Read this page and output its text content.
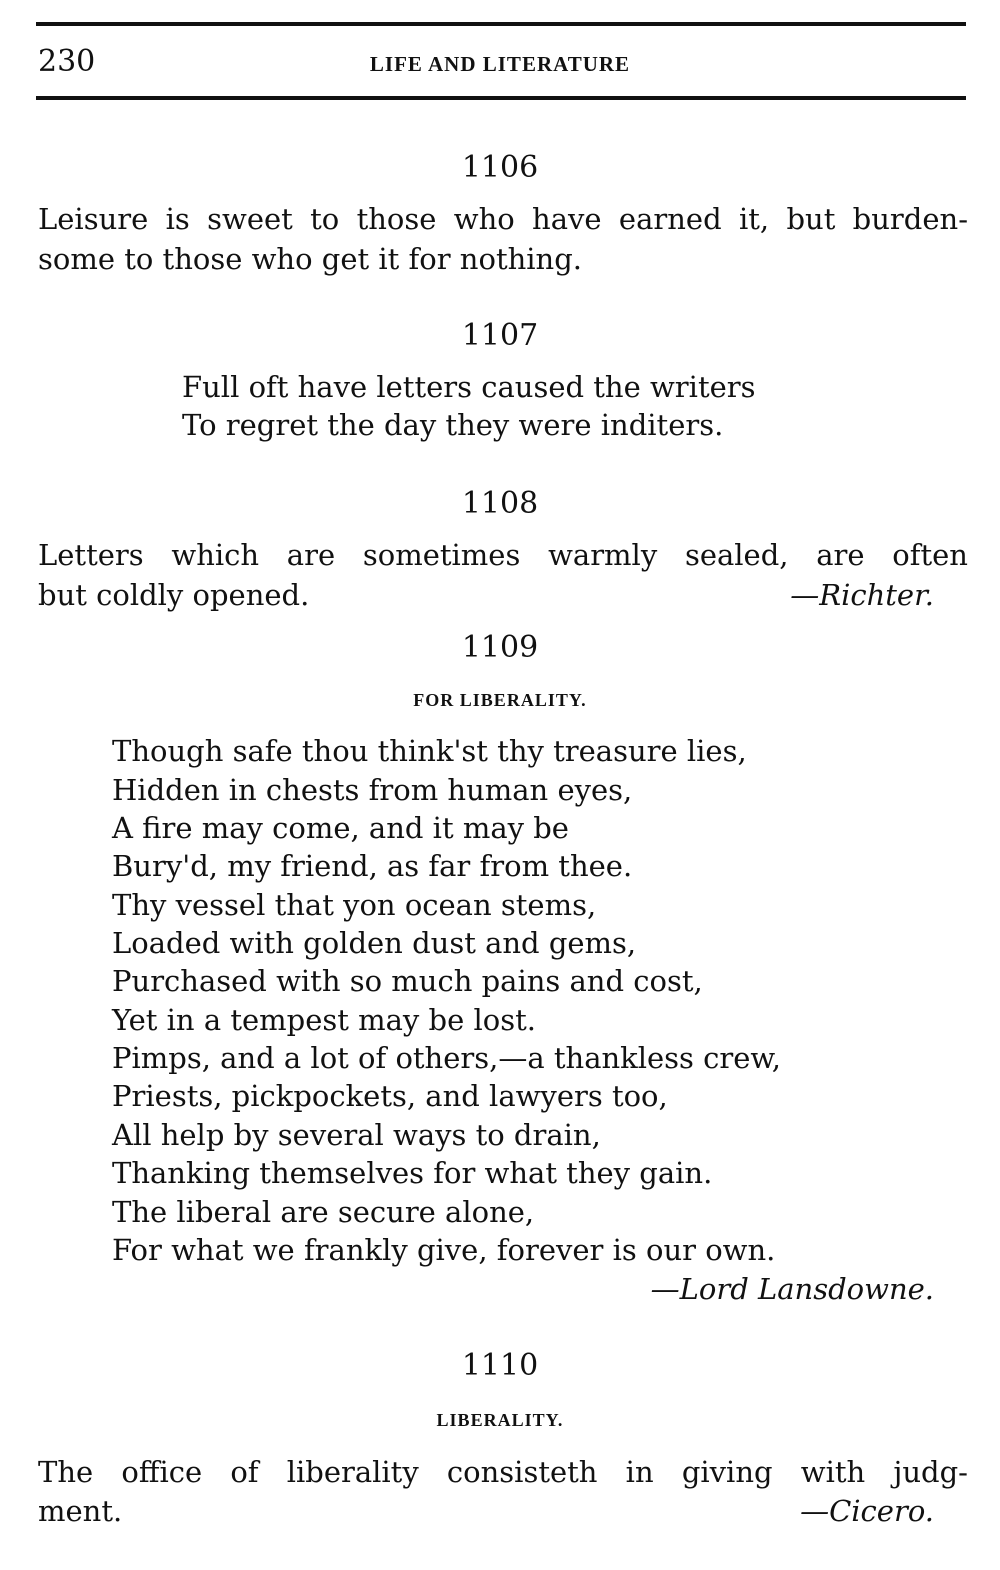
230	LIFE AND LITERATURE
1106
Leisure is sweet to those who have earned it, but burden-
some to those who get it for nothing.
1107
Full oft have letters caused the writers
To regret the day they were inditers.
1108
Letters which are sometimes warmly sealed, are often
but coldly opened.	—Richter.
1109
FOR LIBERALITY.
Though safe thou think'st thy treasure lies,
Hidden in chests from human eyes,
A fire may come, and it may be
Bury'd, my friend, as far from thee.
Thy vessel that yon ocean stems,
Loaded with golden dust and gems,
Purchased with so much pains and cost,
Yet in a tempest may be lost.
Pimps, and a lot of others,—a thankless crew,
Priests, pickpockets, and lawyers too,
All help by several ways to drain,
Thanking themselves for what they gain.
The liberal are secure alone,
For what we frankly give, forever is our own.
—Lord Lansdowne.
1110
LIBERALITY.
The office of liberality consisteth in giving with judg-
ment.	—Cicero.
